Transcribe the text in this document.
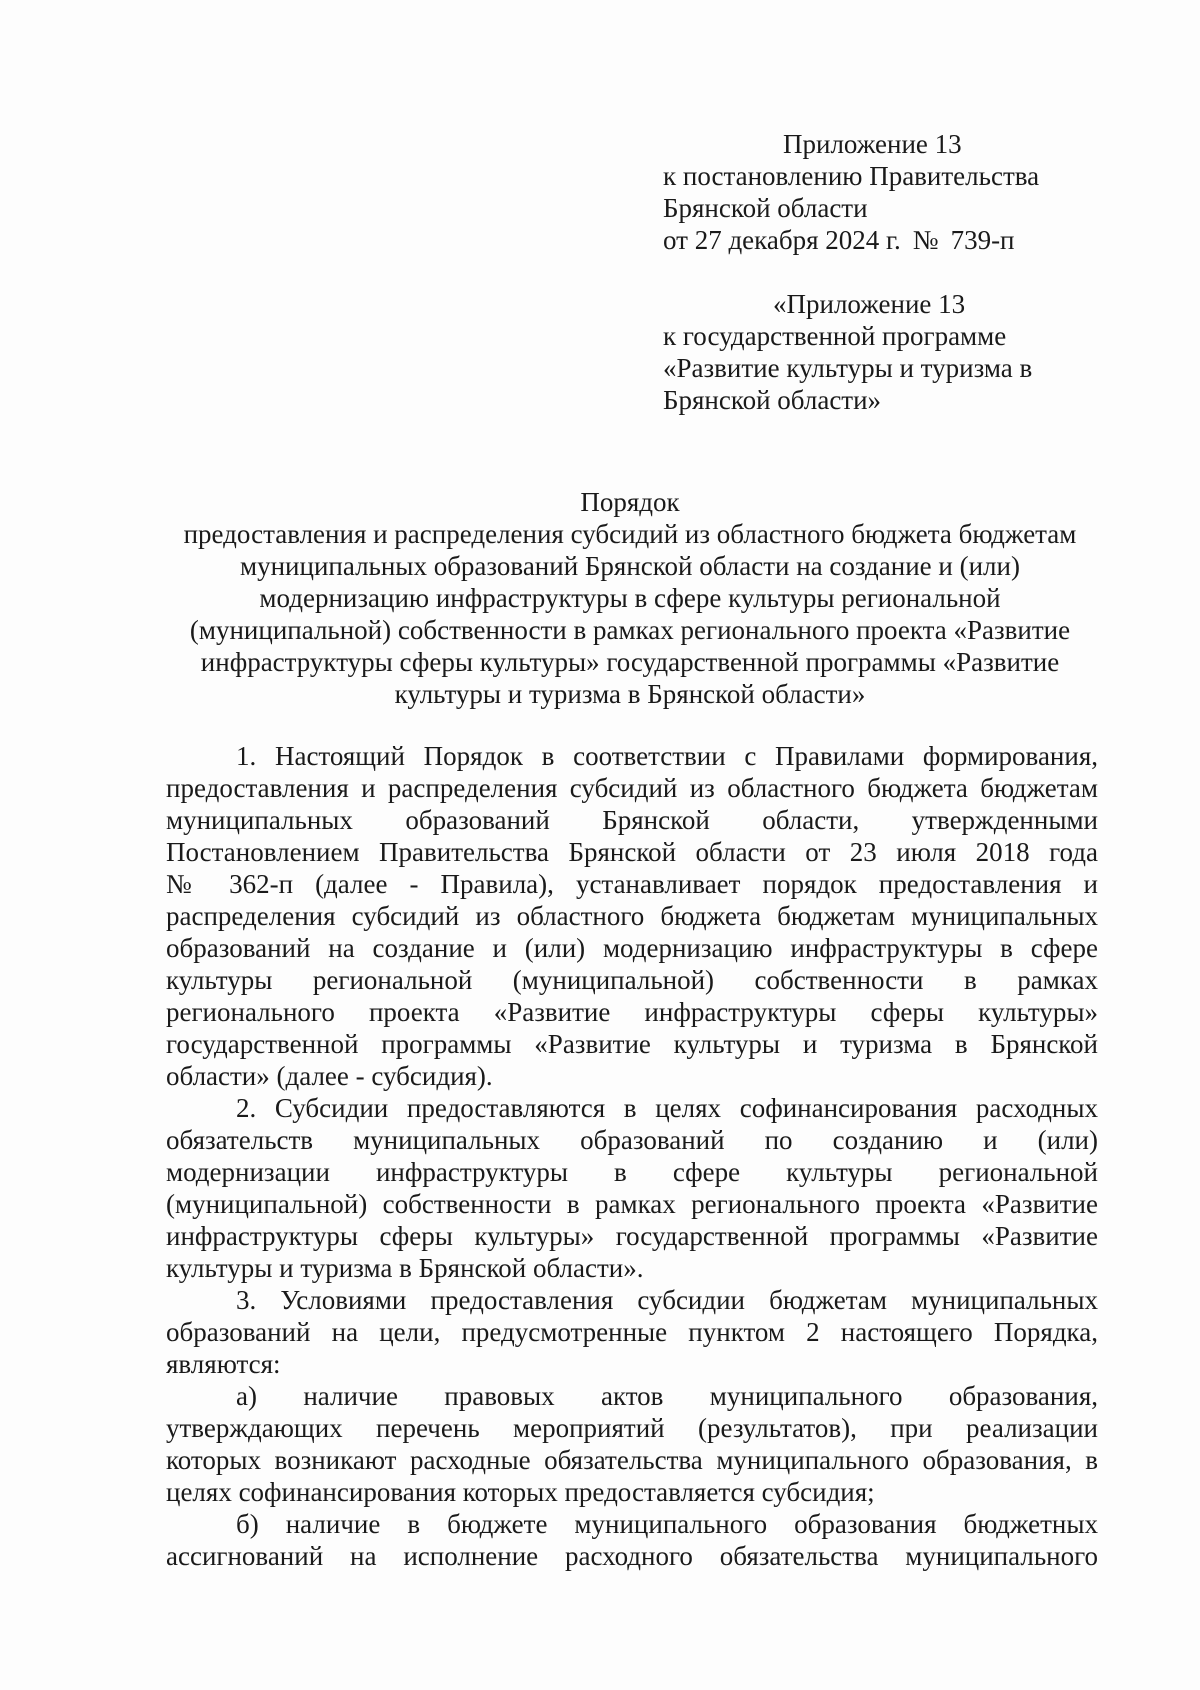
Приложение 13
к постановлению Правительства
Брянской области
от 27 декабря 2024 г. № 739-п
«Приложение 13
к государственной программе
«Развитие культуры и туризма в
Брянской области»
Порядок
предоставления и распределения субсидий из областного бюджета бюджетам
муниципальных образований Брянской области на создание и (или)
модернизацию инфраструктуры в сфере культуры региональной
(муниципальной) собственности в рамках регионального проекта «Развитие
инфраструктуры сферы культуры» государственной программы «Развитие
культуры и туризма в Брянской области»
1. Настоящий Порядок в соответствии с Правилами формирования,
предоставления и распределения субсидий из областного бюджета бюджетам
муниципальных образований Брянской области, утвержденными
Постановлением Правительства Брянской области от 23 июля 2018 года
№ 362-п (далее - Правила), устанавливает порядок предоставления и
распределения субсидий из областного бюджета бюджетам муниципальных
образований на создание и (или) модернизацию инфраструктуры в сфере
культуры региональной (муниципальной) собственности в рамках
регионального проекта «Развитие инфраструктуры сферы культуры»
государственной программы «Развитие культуры и туризма в Брянской
области» (далее - субсидия).
2. Субсидии предоставляются в целях софинансирования расходных
обязательств муниципальных образований по созданию и (или)
модернизации инфраструктуры в сфере культуры региональной
(муниципальной) собственности в рамках регионального проекта «Развитие
инфраструктуры сферы культуры» государственной программы «Развитие
культуры и туризма в Брянской области».
3. Условиями предоставления субсидии бюджетам муниципальных
образований на цели, предусмотренные пунктом 2 настоящего Порядка,
являются:
а) наличие правовых актов муниципального образования,
утверждающих перечень мероприятий (результатов), при реализации
которых возникают расходные обязательства муниципального образования, в
целях софинансирования которых предоставляется субсидия;
б) наличие в бюджете муниципального образования бюджетных
ассигнований на исполнение расходного обязательства муниципального
